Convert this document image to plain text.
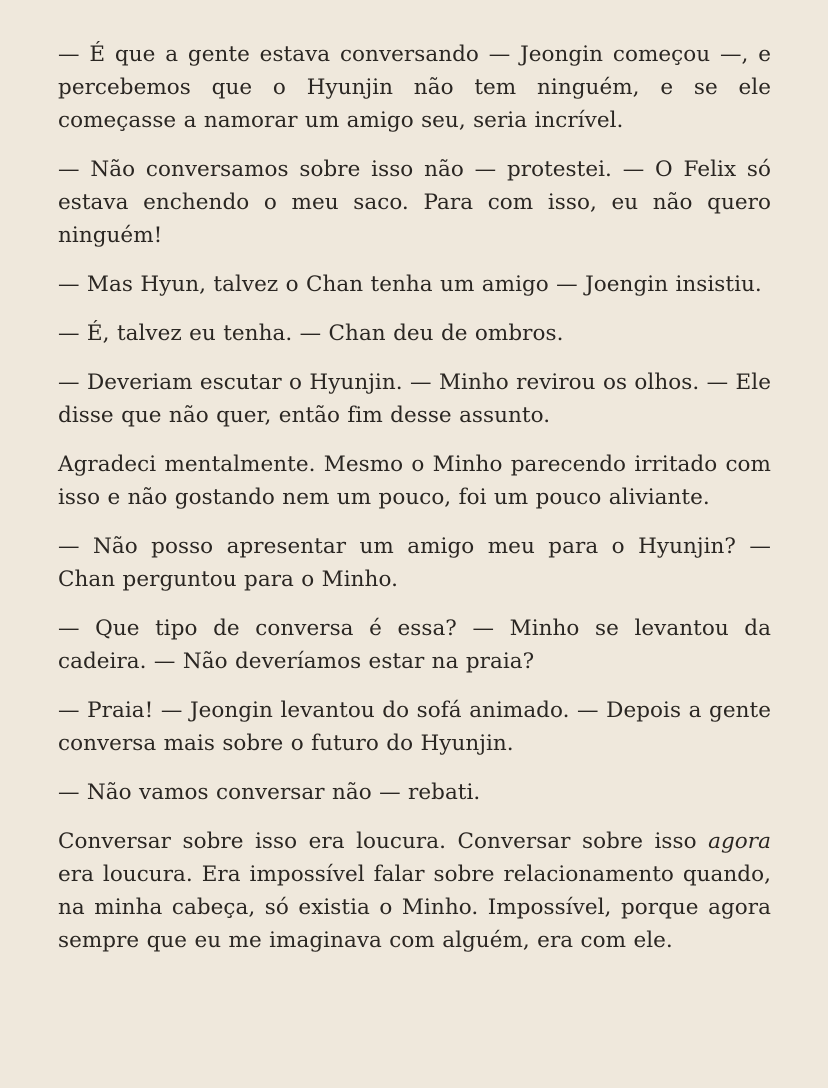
— É que a gente estava conversando — Jeongin começou —, e percebemos que o Hyunjin não tem ninguém, e se ele começasse a namorar um amigo seu, seria incrível.

— Não conversamos sobre isso não — protestei. — O Felix só estava enchendo o meu saco. Para com isso, eu não quero ninguém!

— Mas Hyun, talvez o Chan tenha um amigo — Joengin insistiu.

— É, talvez eu tenha. — Chan deu de ombros.

— Deveriam escutar o Hyunjin. — Minho revirou os olhos. — Ele disse que não quer, então fim desse assunto.

Agradeci mentalmente. Mesmo o Minho parecendo irritado com isso e não gostando nem um pouco, foi um pouco aliviante.

— Não posso apresentar um amigo meu para o Hyunjin? — Chan perguntou para o Minho.

— Que tipo de conversa é essa? — Minho se levantou da cadeira. — Não deveríamos estar na praia?

— Praia! — Jeongin levantou do sofá animado. — Depois a gente conversa mais sobre o futuro do Hyunjin.

— Não vamos conversar não — rebati.

Conversar sobre isso era loucura. Conversar sobre isso agora era loucura. Era impossível falar sobre relacionamento quando, na minha cabeça, só existia o Minho. Impossível, porque agora sempre que eu me imaginava com alguém, era com ele.
